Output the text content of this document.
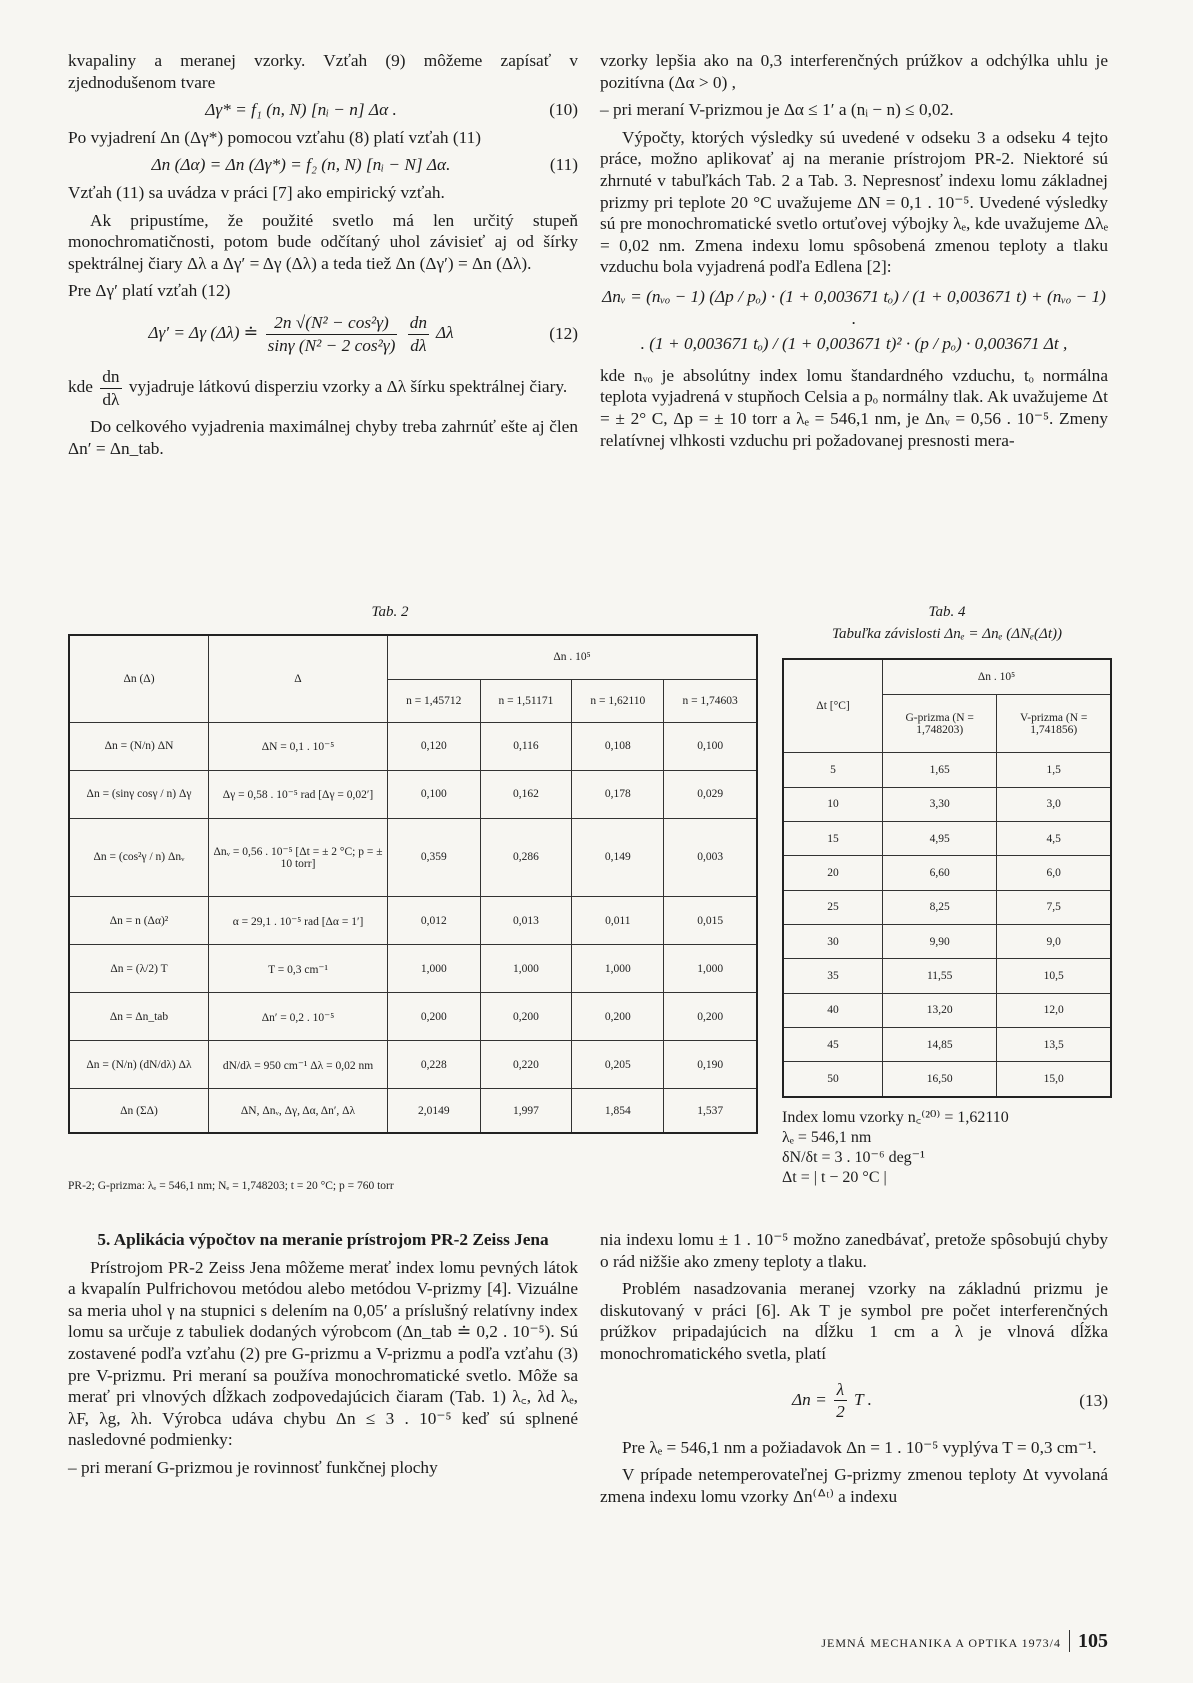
kvapaliny a meranej vzorky. Vzťah (9) môžeme zapísať v zjednodušenom tvare

Δγ* = f₁ (n, N) [nᵢ − n] Δα .	(10)

Po vyjadrení Δn (Δγ*) pomocou vzťahu (8) platí vzťah (11)

Δn (Δα) = Δn (Δγ*) = f₂ (n, N) [nᵢ − N] Δα.	(11)

Vzťah (11) sa uvádza v práci [7] ako empirický vzťah.

Ak pripustíme, že použité svetlo má len určitý stupeň monochromatičnosti, potom bude odčítaný uhol závisieť aj od šírky spektrálnej čiary Δλ a Δγ′ = Δγ (Δλ) a teda tiež Δn (Δγ′) = Δn (Δλ).

Pre Δγ′ platí vzťah (12)

Δγ′ = Δγ (Δλ) ≐ $\frac{\text{2n √(N² − cos²γ)}}{\text{sinγ (N² − 2 cos²γ)}}$
$\frac{dn}{d\lambda}$ Δλ	(12)

kde $\frac{dn}{d\lambda}$ vyjadruje látkovú disperziu vzorky a Δλ šírku spektrálnej čiary.

Do celkového vyjadrenia maximálnej chyby treba zahrnúť ešte aj člen Δn′ = Δn_tab.

vzorky lepšia ako na 0,3 interferenčných prúžkov a odchýlka uhlu je pozitívna (Δα > 0) ,

– pri meraní V-prizmou je Δα ≤ 1′ a (nᵢ − n) ≤ 0,02.

Výpočty, ktorých výsledky sú uvedené v odseku 3 a odseku 4 tejto práce, možno aplikovať aj na meranie prístrojom PR-2. Niektoré sú zhrnuté v tabuľkách Tab. 2 a Tab. 3. Nepresnosť indexu lomu základnej prizmy pri teplote 20 °C uvažujeme ΔN = 0,1 . 10⁻⁵. Uvedené výsledky sú pre monochromatické svetlo ortuťovej výbojky λₑ, kde uvažujeme Δλₑ = 0,02 nm. Zmena indexu lomu spôsobená zmenou teploty a tlaku vzduchu bola vyjadrená podľa Edlena [2]:

Δnᵥ = (nᵥₒ − 1) (Δp / pₒ) · (1 + 0,003671 tₒ) / (1 + 0,003671 t) + (nᵥₒ − 1) .

. (1 + 0,003671 tₒ) / (1 + 0,003671 t)² · (p / pₒ) · 0,003671 Δt ,

kde nᵥₒ je absolútny index lomu štandardného vzduchu, tₒ normálna teplota vyjadrená v stupňoch Celsia a pₒ normálny tlak. Ak uvažujeme Δt = ± 2° C, Δp = ± 10 torr a λₑ = 546,1 nm, je Δnᵥ = 0,56 . 10⁻⁵. Zmeny relatívnej vlhkosti vzduchu pri požadovanej presnosti mera-

Tab. 2
Δn (Δ)	Δ	Δn . 10⁵			
		n = 1,45712	n = 1,51171	n = 1,62110	n = 1,74603
Δn = (N/n) ΔN	ΔN = 0,1 . 10⁻⁵	0,120	0,116	0,108	0,100
Δn = (sinγ cosγ / n) Δγ	Δγ = 0,58 . 10⁻⁵ rad [Δγ = 0,02′]	0,100	0,162	0,178	0,029
Δn = (cos²γ / n) Δnᵥ	Δnᵥ = 0,56 . 10⁻⁵ [Δt = ± 2 °C; p = ± 10 torr]	0,359	0,286	0,149	0,003
Δn = n (Δα)²	α = 29,1 . 10⁻⁵ rad [Δα = 1′]	0,012	0,013	0,011	0,015
Δn = (λ/2) T	T = 0,3 cm⁻¹	1,000	1,000	1,000	1,000
Δn = Δn_tab	Δn′ = 0,2 . 10⁻⁵	0,200	0,200	0,200	0,200
Δn = (N/n) (dN/dλ) Δλ	dN/dλ = 950 cm⁻¹ Δλ = 0,02 nm	0,228	0,220	0,205	0,190
Δn (ΣΔ)	ΔN, Δnᵥ, Δγ, Δα, Δn′, Δλ	2,0149	1,997	1,854	1,537
PR-2; G-prizma: λₑ = 546,1 nm; Nₑ = 1,748203; t = 20 °C; p = 760 torr
Tab. 4
Tabuľka závislosti Δnₑ = Δnₑ (ΔNₑ(Δt))
Δt [°C]	Δn . 10⁵	
	G-prizma (N = 1,748203)	V-prizma (N = 1,741856)
5	1,65	1,5
10	3,30	3,0
15	4,95	4,5
20	6,60	6,0
25	8,25	7,5
30	9,90	9,0
35	11,55	10,5
40	13,20	12,0
45	14,85	13,5
50	16,50	15,0
Index lomu vzorky n꜀⁽²⁰⁾ = 1,62110
λₑ = 546,1 nm
δN/δt = 3 . 10⁻⁶ deg⁻¹
Δt = | t − 20 °C |

5. Aplikácia výpočtov na meranie prístrojom PR-2 Zeiss Jena

Prístrojom PR-2 Zeiss Jena môžeme merať index lomu pevných látok a kvapalín Pulfrichovou metódou alebo metódou V-prizmy [4]. Vizuálne sa meria uhol γ na stupnici s delením na 0,05′ a príslušný relatívny index lomu sa určuje z tabuliek dodaných výrobcom (Δn_tab ≐ 0,2 . 10⁻⁵). Sú zostavené podľa vzťahu (2) pre G-prizmu a V-prizmu a podľa vzťahu (3) pre V-prizmu. Pri meraní sa používa monochromatické svetlo. Môže sa merať pri vlnových dĺžkach zodpovedajúcich čiaram (Tab. 1) λ꜀, λd λₑ, λF, λg, λh. Výrobca udáva chybu Δn ≤ 3 . 10⁻⁵ keď sú splnené nasledovné podmienky:

– pri meraní G-prizmou je rovinnosť funkčnej plochy

nia indexu lomu ± 1 . 10⁻⁵ možno zanedbávať, pretože spôsobujú chyby o rád nižšie ako zmeny teploty a tlaku.

Problém nasadzovania meranej vzorky na základnú prizmu je diskutovaný v práci [6]. Ak T je symbol pre počet interferenčných prúžkov pripadajúcich na dĺžku 1 cm a λ je vlnová dĺžka monochromatického svetla, platí

$\Delta n = \frac{\lambda}{2}$ T .	(13)

Pre λₑ = 546,1 nm a požiadavok Δn = 1 . 10⁻⁵ vyplýva T = 0,3 cm⁻¹.

V prípade netemperovateľnej G-prizmy zmenou teploty Δt vyvolaná zmena indexu lomu vzorky Δn⁽ᐞᵗ⁾ a indexu

JEMNÁ MECHANIKA A OPTIKA 1973/4 105
